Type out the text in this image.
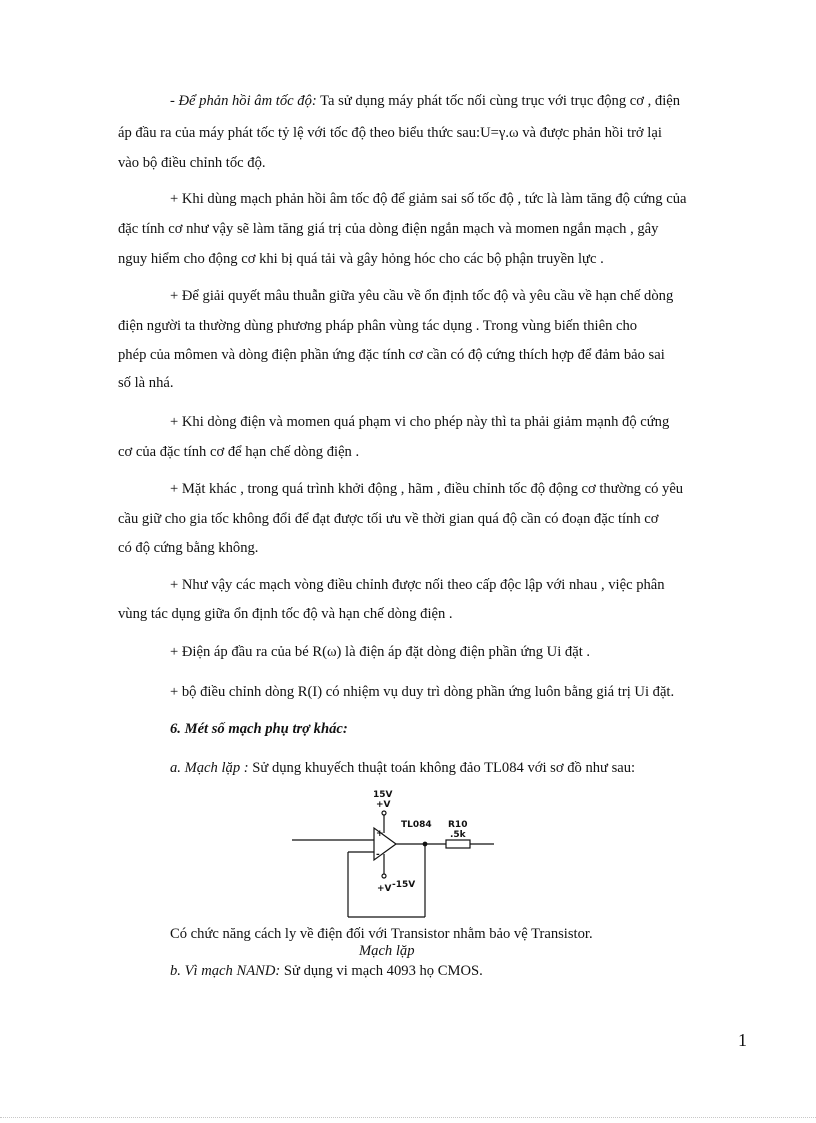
- Để phản hồi âm tốc độ: Ta sử dụng máy phát tốc nối cùng trục với trục động cơ , điện
áp đầu ra của máy phát tốc tỷ lệ với tốc độ theo biểu thức sau:U=γ.ω và được phản hồi trở lại
vào bộ điều chỉnh tốc độ.
+ Khi dùng mạch phản hồi âm tốc độ để giảm sai số tốc độ , tức là làm tăng độ cứng của
đặc tính cơ như vậy sẽ làm tăng giá trị của dòng điện ngắn mạch và momen ngắn mạch , gây
nguy hiểm cho động cơ khi bị quá tải và gây hỏng hóc cho các bộ phận truyền lực .
+ Để giải quyết mâu thuẫn giữa yêu cầu về ổn định tốc độ và yêu cầu về hạn chế dòng
điện người ta thường dùng phương pháp phân vùng tác dụng . Trong vùng biến thiên cho
phép của mômen và dòng điện phần ứng đặc tính cơ cần có độ cứng thích hợp để đảm bảo sai
số là nhá.
+ Khi dòng điện và momen quá phạm vi cho phép này thì ta phải giảm mạnh độ cứng
cơ của đặc tính cơ để hạn chế dòng điện .
+ Mặt khác , trong quá trình khởi động , hãm , điều chỉnh tốc độ động cơ thường có yêu
cầu giữ cho gia tốc không đổi để đạt được tối ưu về thời gian quá độ cần có đoạn đặc tính cơ
có độ cứng bằng không.
+ Như vậy các mạch vòng điều chỉnh được nối theo cấp độc lập với nhau , việc phân
vùng tác dụng giữa ổn định tốc độ và hạn chế dòng điện .
+ Điện áp đầu ra của bé R(ω) là điện áp đặt dòng điện phần ứng Ui đặt .
+ bộ điều chỉnh dòng R(I) có nhiệm vụ duy trì dòng phần ứng luôn bằng giá trị Ui đặt.
6. Mét số mạch phụ trợ khác:
a. Mạch lặp : Sử dụng khuyếch thuật toán không đảo TL084 với sơ đồ như sau:
15V
+V
+
-
TL084 R10
.5k
+V -15V
Có chức năng cách ly về điện đối với Transistor nhằm bảo vệ Transistor.
Mạch lặp
b. Vì mạch NAND: Sử dụng vi mạch 4093 họ CMOS.
1
